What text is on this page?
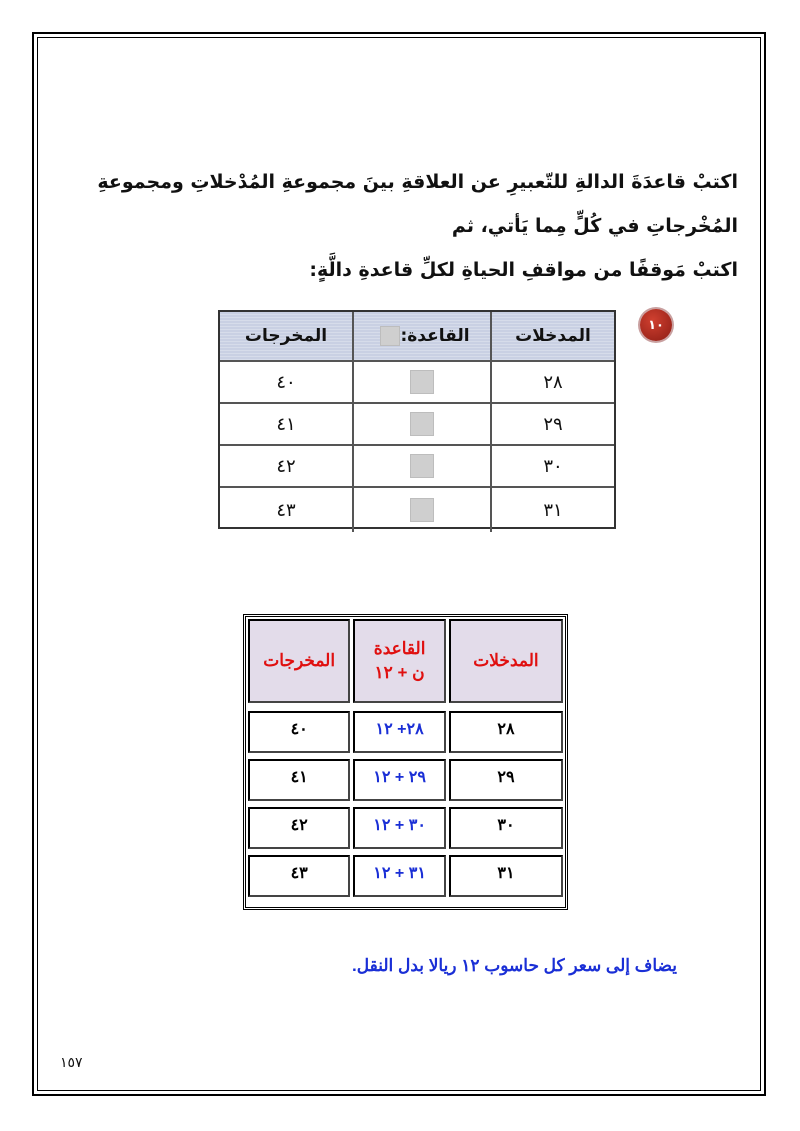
اكتبْ قاعدَةَ الدالةِ للتّعبيرِ عن العلاقةِ بينَ مجموعةِ المُدْخلاتِ ومجموعةِ المُخْرجاتِ في كُلٍّ مِما يَأتي، ثم
اكتبْ مَوقفًا من مواقفِ الحياةِ لكلِّ قاعدةِ دالَّةٍ:
١٠
المدخلات
القاعدة:
المخرجات
٢٨
٤٠
٢٩
٤١
٣٠
٤٢
٣١
٤٣
المدخلات
القاعدة
ن + ١٢
المخرجات
٢٨
٢٨+ ١٢
٤٠
٢٩
٢٩ + ١٢
٤١
٣٠
٣٠ + ١٢
٤٢
٣١
٣١ + ١٢
٤٣
يضاف إلى سعر كل حاسوب ١٢ ريالا بدل النقل.
١٥٧
